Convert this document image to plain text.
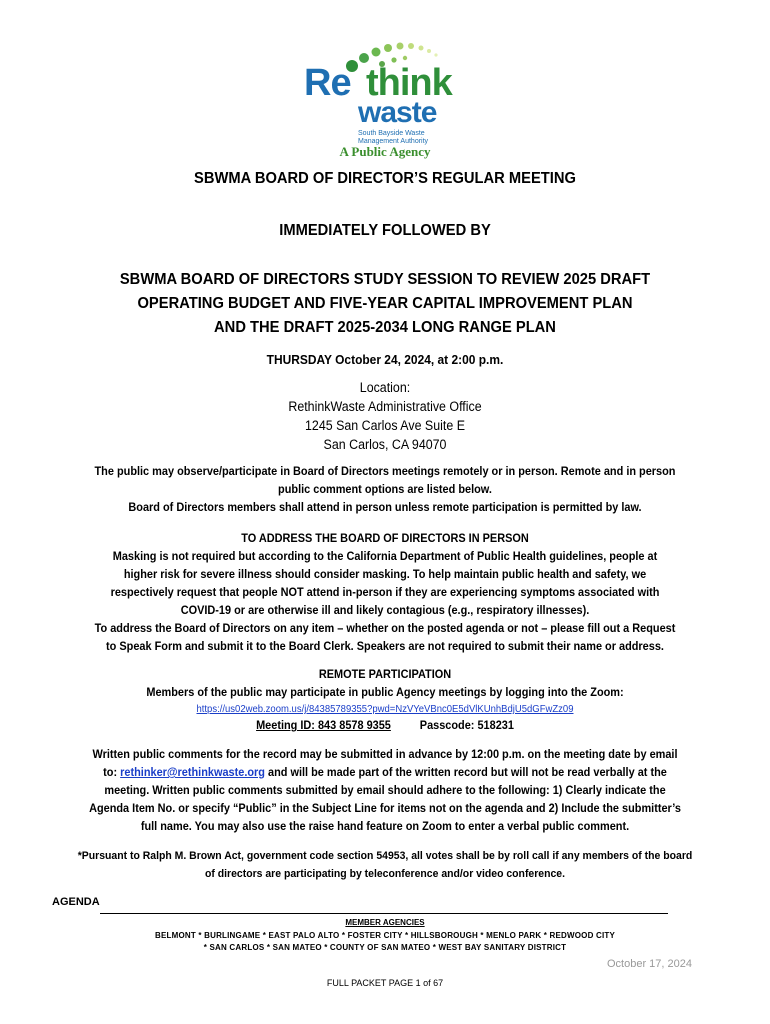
Re think
waste
South Bayside Waste
Management Authority
A Public Agency
SBWMA BOARD OF DIRECTOR’S REGULAR MEETING
IMMEDIATELY FOLLOWED BY
SBWMA BOARD OF DIRECTORS STUDY SESSION TO REVIEW 2025 DRAFT
OPERATING BUDGET AND FIVE-YEAR CAPITAL IMPROVEMENT PLAN
AND THE DRAFT 2025-2034 LONG RANGE PLAN
THURSDAY October 24, 2024, at 2:00 p.m.
Location:
RethinkWaste Administrative Office
1245 San Carlos Ave Suite E
San Carlos, CA 94070
The public may observe/participate in Board of Directors meetings remotely or in person. Remote and in person
public comment options are listed below.
Board of Directors members shall attend in person unless remote participation is permitted by law.
TO ADDRESS THE BOARD OF DIRECTORS IN PERSON
Masking is not required but according to the California Department of Public Health guidelines, people at
higher risk for severe illness should consider masking. To help maintain public health and safety, we
respectively request that people NOT attend in-person if they are experiencing symptoms associated with
COVID-19 or are otherwise ill and likely contagious (e.g., respiratory illnesses).
To address the Board of Directors on any item – whether on the posted agenda or not – please fill out a Request
to Speak Form and submit it to the Board Clerk. Speakers are not required to submit their name or address.
REMOTE PARTICIPATION
Members of the public may participate in public Agency meetings by logging into the Zoom:
https://us02web.zoom.us/j/84385789355?pwd=NzVYeVBnc0E5dVlKUnhBdjU5dGFwZz09
Meeting ID: 843 8578 9355	Passcode: 518231
Written public comments for the record may be submitted in advance by 12:00 p.m. on the meeting date by email
to: rethinker@rethinkwaste.org and will be made part of the written record but will not be read verbally at the
meeting. Written public comments submitted by email should adhere to the following: 1) Clearly indicate the
Agenda Item No. or specify “Public” in the Subject Line for items not on the agenda and 2) Include the submitter’s
full name. You may also use the raise hand feature on Zoom to enter a verbal public comment.
*Pursuant to Ralph M. Brown Act, government code section 54953, all votes shall be by roll call if any members of the board
of directors are participating by teleconference and/or video conference.
AGENDA
MEMBER AGENCIES
BELMONT * BURLINGAME * EAST PALO ALTO * FOSTER CITY * HILLSBOROUGH * MENLO PARK * REDWOOD CITY
* SAN CARLOS * SAN MATEO * COUNTY OF SAN MATEO * WEST BAY SANITARY DISTRICT
October 17, 2024
FULL PACKET PAGE 1 of 67
